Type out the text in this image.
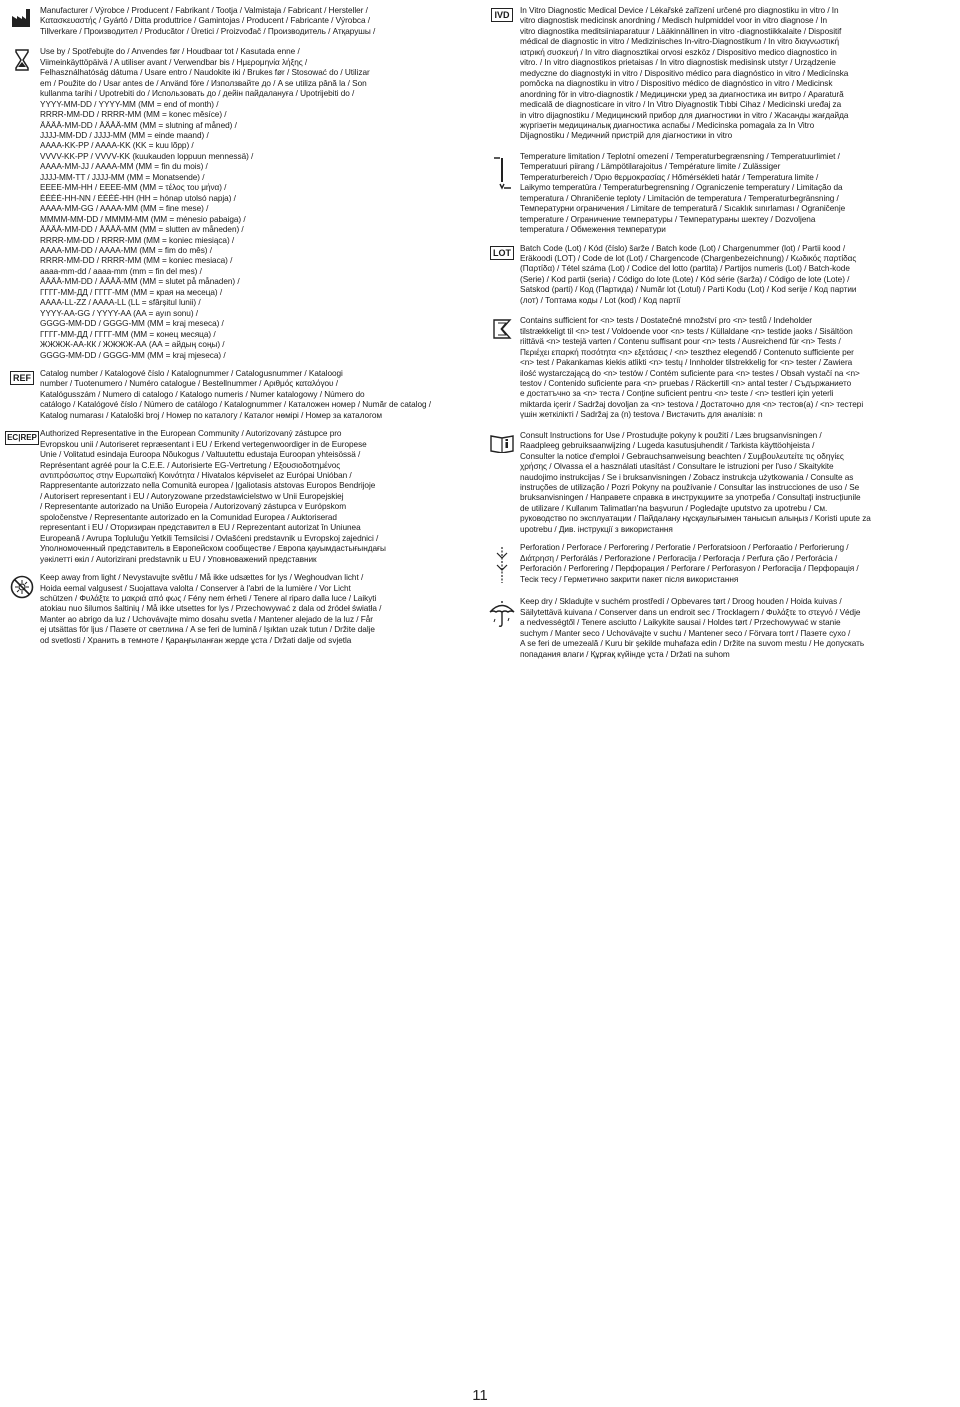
Manufacturer / Výrobce / Producent / Fabrikant / Tootja / Valmistaja / Fabricant / Hersteller /
Κατασκευαστής / Gyártó / Ditta produttrice / Gamintojas / Producent / Fabricante / Výrobca /
Tillverkare / Производител / Producător / Üretici / Proizvođač / Производитель / Атқарушы /
Use by / Spotřebujte do / Anvendes før / Houdbaar tot / Kasutada enne /
Viimeinkäyttöpäivä / A utiliser avant / Verwendbar bis / Ημερομηνία λήξης /
Felhasználhatóság dátuma / Usare entro / Naudokite iki / Brukes før / Stosować do / Utilizar
em / Použite do / Usar antes de / Använd före / Използвайте до / A se utiliza până la / Son
kullanma tarihi / Upotrebiti do / Использовать до / дейін пайдалануға / Upotrijebiti do /
YYYY-MM-DD / YYYY-MM (MM = end of month) /
RRRR-MM-DD / RRRR-MM (MM = konec měsíce) /
ÅÅÅÅ-MM-DD / ÅÅÅÅ-MM (MM = slutning af måned) /
JJJJ-MM-DD / JJJJ-MM (MM = einde maand) /
AAAA-KK-PP / AAAA-KK (KK = kuu lõpp) /
VVVV-KK-PP / VVVV-KK (kuukauden loppuun mennessä) /
AAAA-MM-JJ / AAAA-MM (MM = fin du mois) /
JJJJ-MM-TT / JJJJ-MM (MM = Monatsende) /
ΕΕΕΕ-ΜΜ-ΗΗ / ΕΕΕΕ-ΜΜ (ΜΜ = τέλος του μήνα) /
ÉÉÉÉ-HH-NN / ÉÉÉÉ-HH (HH = hónap utolsó napja) /
AAAA-MM-GG / AAAA-MM (MM = fine mese) /
MMMM-MM-DD / MMMM-MM (MM = mėnesio pabaiga) /
ÅÅÅÅ-MM-DD / ÅÅÅÅ-MM (MM = slutten av måneden) /
RRRR-MM-DD / RRRR-MM (MM = koniec miesiąca) /
AAAA-MM-DD / AAAA-MM (MM = fim do mês) /
RRRR-MM-DD / RRRR-MM (MM = koniec mesiaca) /
aaaa-mm-dd / aaaa-mm (mm = fin del mes) /
ÅÅÅÅ-MM-DD / ÅÅÅÅ-MM (MM = slutet på månaden) /
ГГГГ-ММ-ДД / ГГГГ-ММ (ММ = края на месеца) /
AAAA-LL-ZZ / AAAA-LL (LL = sfârșitul lunii) /
YYYY-AA-GG / YYYY-AA (AA = ayın sonu) /
GGGG-MM-DD / GGGG-MM (MM = kraj meseca) /
ГГГГ-ММ-ДД / ГГГГ-ММ (ММ = конец месяца) /
ЖЖЖЖ-АА-КК / ЖЖЖЖ-АА (АА = айдың соңы) /
GGGG-MM-DD / GGGG-MM (MM = kraj mjeseca) /
REF	Catalog number / Katalogové číslo / Katalognummer / Catalogusnummer / Kataloogi
number / Tuotenumero / Numéro catalogue / Bestellnummer / Αριθμός καταλόγου /
Katalógusszám / Numero di catalogo / Katalogo numeris / Numer katalogowy / Número do
catálogo / Katalógové číslo / Número de catálogo / Katalognummer / Каталожен номер / Număr de catalog /
Katalog numarası / Kataloški broj / Номер по каталогу / Каталог нөмірі / Номер за каталогом
EC|REP Authorized Representative in the European Community / Autorizovaný zástupce pro
Evropskou unii / Autoriseret repræsentant i EU / Erkend vertegenwoordiger in de Europese
Unie / Volitatud esindaja Euroopa Nõukogus / Valtuutettu edustaja Euroopan yhteisössä /
Représentant agréé pour la C.E.E. / Autorisierte EG-Vertretung / Εξουσιοδοτημένος
αντιπρόσωπος στην Ευρωπαϊκή Κοινότητα / Hivatalos képviselet az Európai Unióban /
Rappresentante autorizzato nella Comunità europea / Įgaliotasis atstovas Europos Bendrijoje
/ Autorisert representant i EU / Autoryzowane przedstawicielstwo w Unii Europejskiej
/ Representante autorizado na União Europeia / Autorizovaný zástupca v Európskom
spoločenstve / Representante autorizado en la Comunidad Europea / Auktoriserad
representant i EU / Оторизиран представител в ЕU / Reprezentant autorizat în Uniunea
Europeană / Avrupa Topluluğu Yetkili Temsilcisi / Ovlašćeni predstavnik u Evropskoj zajednici /
Уполномоченный представитель в Европейском сообществе / Европа қауымдастығындағы
уәкілетті өкіл / Autorizirani predstavnik u EU / Уповноважений представник
Keep away from light / Nevystavujte světlu / Må ikke udsættes for lys / Weghoudvan licht /
Hoida eemal valgusest / Suojattava valolta / Conserver à l'abri de la lumière / Vor Licht
schützen / Φυλάξτε το μακριά από φως / Fény nem érheti / Tenere al riparo dalla luce / Laikyti
atokiau nuo šilumos šaltinių / Må ikke utsettes for lys / Przechowywać z dala od źródeł światła /
Manter ao abrigo da luz / Uchovávajte mimo dosahu svetla / Mantener alejado de la luz / Får
ej utsättas för ljus / Пазете от светлина / A se feri de lumină / Işıktan uzak tutun / Držite dalje
od svetlosti / Хранить в темноте / Қараңғыланған жерде ұста / Držati dalje od svjetla
IVD	In Vitro Diagnostic Medical Device / Lékařské zařízení určené pro diagnostiku in vitro / In
vitro diagnostisk medicinsk anordning / Medisch hulpmiddel voor in vitro diagnose / In
vitro diagnostika meditsiiniaparatuur / Lääkinnällinen in vitro -diagnostiikkalaite / Dispositif
médical de diagnostic in vitro / Medizinisches In-vitro-Diagnostikum / In vitro διαγνωστική
ιατρική συσκευή / In vitro diagnosztikai orvosi eszköz / Dispositivo medico diagnostico in
vitro. / In vitro diagnostikos prietaisas / In vitro diagnostisk medisinsk utstyr / Urządzenie
medyczne do diagnostyki in vitro / Dispositivo médico para diagnóstico in vitro / Medicínska
pomôcka na diagnostiku in vitro / Dispositivo médico de diagnóstico in vitro / Medicinsk
anordning för in vitro-diagnostik / Медицински уред за диагностика ин витро / Aparatură
medicală de diagnosticare in vitro / In Vitro Diyagnostik Tıbbi Cihaz / Medicinski uređaj za
in vitro dijagnostiku / Медицинский прибор для диагностики in vitro / Жасанды жағдайда
жүргізетін медициналық диагностика аспабы / Medicinska pomagala za In Vitro
Dijagnostiku / Медичний пристрій для діагностики in vitro
Temperature limitation / Teplotní omezení / Temperaturbegrænsning / Temperatuurlimiet /
Temperatuuri piirang / Lämpötilarajoitus / Température limite / Zulässiger
Temperaturbereich / Όριο θερμοκρασίας / Hőmérsékleti határ / Temperatura limite /
Laikymo temperatūra / Temperaturbegrensning / Ograniczenie temperatury / Limitação da
temperatura / Ohraničenie teploty / Limitación de temperatura / Temperaturbegränsning /
Температурни ограничения / Limitare de temperatură / Sıcaklık sınırlaması / Ograničenje
temperature / Ограничение температуры / Температураны шектеу / Dozvoljena
temperatura / Обмеження температури
LOT	Batch Code (Lot) / Kód (číslo) šarže / Batch kode (Lot) / Chargenummer (lot) / Partii kood /
Eräkoodi (LOT) / Code de lot (Lot) / Chargencode (Chargenbezeichnung) / Κωδικός παρτίδας
(Παρτίδα) / Tétel száma (Lot) / Codice del lotto (partita) / Partijos numeris (Lot) / Batch-kode
(Serie) / Kod partii (seria) / Código do lote (Lote) / Kód série (šarža) / Código de lote (Lote) /
Satskod (parti) / Код (Партида) / Număr lot (Lotul) / Parti Kodu (Lot) / Kod serije / Код партии
(лот) / Топтама коды / Lot (kod) / Код партії
Contains sufficient for <n> tests / Dostatečné množství pro <n> testů / Indeholder
tilstrækkeligt til <n> test / Voldoende voor <n> tests / Küllaldane <n> testide jaoks / Sisältöon
riittävä <n> testejä varten / Contenu suffisant pour <n> tests / Ausreichend für <n> Tests /
Περιέχει επαρκή ποσότητα <n> εξετάσεις / <n> teszthez elegendő / Contenuto sufficiente per
<n> test / Pakankamas kiekis atlikti <n> testų / Innholder tilstrekkelig for <n> tester / Zawiera
ilość wystarczającą do <n> testów / Contém suficiente para <n> testes / Obsah vystačí na <n>
testov / Contenido suficiente para <n> pruebas / Räckertill <n> antal tester / Съдържанието
е достатъчно за <n> теста / Conține suficient pentru <n> teste / <n> testleri için yeterli
miktarda içerir / Sadržaj dovoljan za <n> testova / Достаточно для <n> тестов(а) / <n> тестері
үшін жеткілікті / Sadržaj za (n) testova / Вистачить для аналізів: n
Consult Instructions for Use / Prostudujte pokyny k použití / Læs brugsanvisningen /
Raadpleeg gebruiksaanwijzing / Lugeda kasutusjuhendit / Tarkista käyttöohjeista /
Consulter la notice d'emploi / Gebrauchsanweisung beachten / Συμβουλευτείτε τις οδηγίες
χρήσης / Olvassa el a használati utasítást / Consultare le istruzioni per l'uso / Skaitykite
naudojimo instrukcijas / Se i bruksanvisningen / Zobacz instrukcja użytkowania / Consulte as
instruções de utilização / Pozri Pokyny na používanie / Consultar las instrucciones de uso / Se
bruksanvisningen / Направете справка в инструкциите за употреба / Consultați instrucțiunile
de utilizare / Kullanım Talimatları'na başvurun / Pogledajte uputstvo za upotrebu / См.
руководство по эксплуатации / Пайдалану нұсқаулығымен танысып алыңыз / Koristi upute za
upotrebu / Див. інструкції з використання
Perforation / Perforace / Perforering / Perforatie / Perforatsioon / Perforaatio / Perforierung /
Διάτρηση / Perforálás / Perforazione / Perforacija / Perforacja / Perfura ção / Perforácia /
Perforación / Perforering / Перфорация / Perforare / Perforasyon / Perforacija / Перфорація /
Тесік тесу / Герметично закрити пакет після використання
Keep dry / Skladujte v suchém prostředí / Opbevares tørt / Droog houden / Hoida kuivas /
Säilytettävä kuivana / Conserver dans un endroit sec / Trocklagern / Φυλάξτε το στεγνό / Védje
a nedvességtől / Tenere asciutto / Laikykite sausai / Holdes tørt / Przechowywać w stanie
suchym / Manter seco / Uchovávajte v suchu / Mantener seco / Förvara torrt / Пазете сухо /
A se feri de umezeală / Kuru bir şekilde muhafaza edin / Držite na suvom mestu / Не допускать
попадания влаги / Құрғақ күйінде ұста / Držati na suhom
11
